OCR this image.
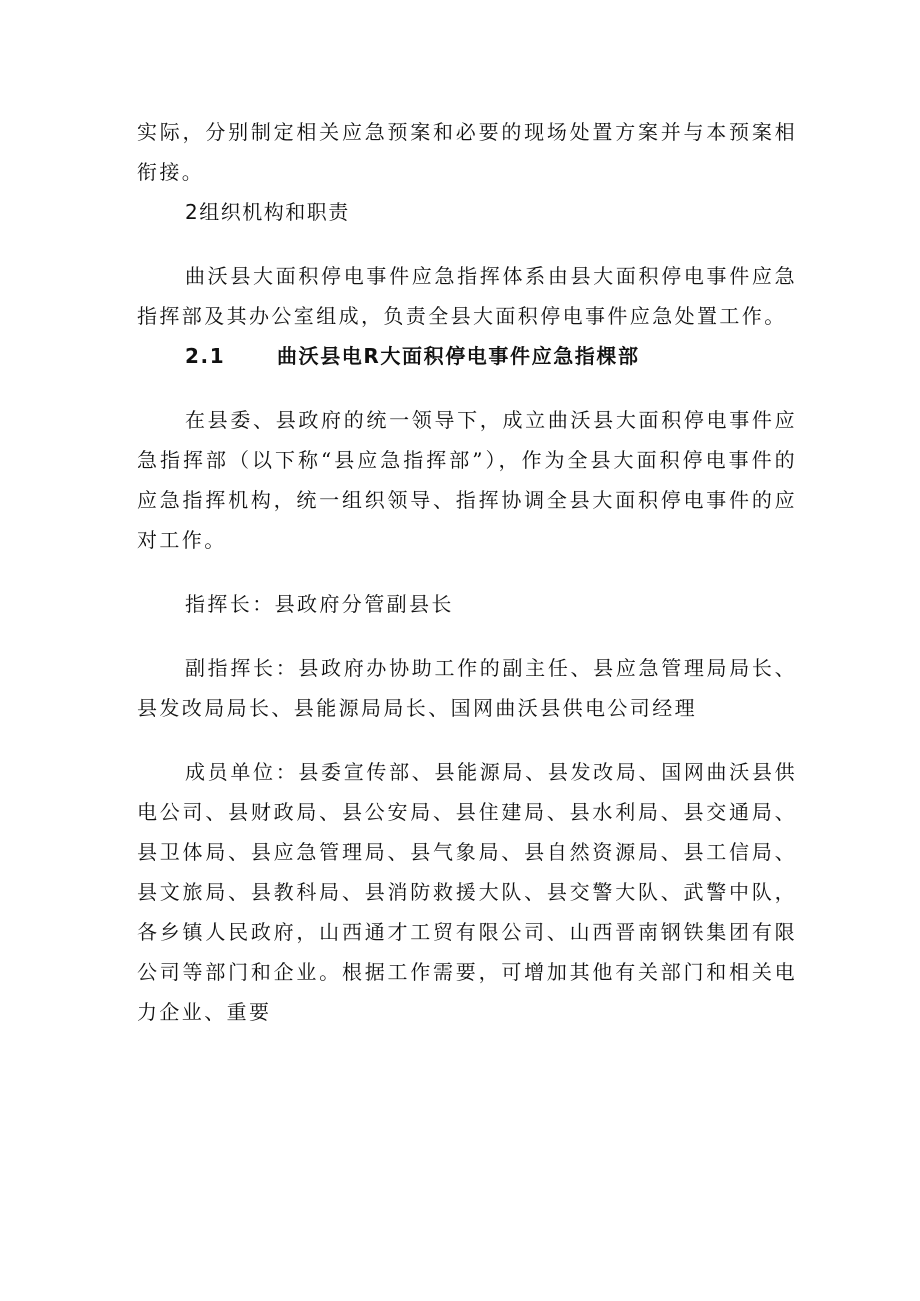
实际，分别制定相关应急预案和必要的现场处置方案并与本预案相衔接。

2组织机构和职责

曲沃县大面积停电事件应急指挥体系由县大面积停电事件应急指挥部及其办公室组成，负责全县大面积停电事件应急处置工作。

2.1	曲沃县电R大面积停电事件应急指棵部

在县委、县政府的统一领导下，成立曲沃县大面积停电事件应急指挥部（以下称“县应急指挥部”），作为全县大面积停电事件的应急指挥机构，统一组织领导、指挥协调全县大面积停电事件的应对工作。

指挥长：县政府分管副县长

副指挥长：县政府办协助工作的副主任、县应急管理局局长、县发改局局长、县能源局局长、国网曲沃县供电公司经理

成员单位：县委宣传部、县能源局、县发改局、国网曲沃县供电公司、县财政局、县公安局、县住建局、县水利局、县交通局、县卫体局、县应急管理局、县气象局、县自然资源局、县工信局、县文旅局、县教科局、县消防救援大队、县交警大队、武警中队，各乡镇人民政府，山西通才工贸有限公司、山西晋南钢铁集团有限公司等部门和企业。根据工作需要，可增加其他有关部门和相关电力企业、重要
